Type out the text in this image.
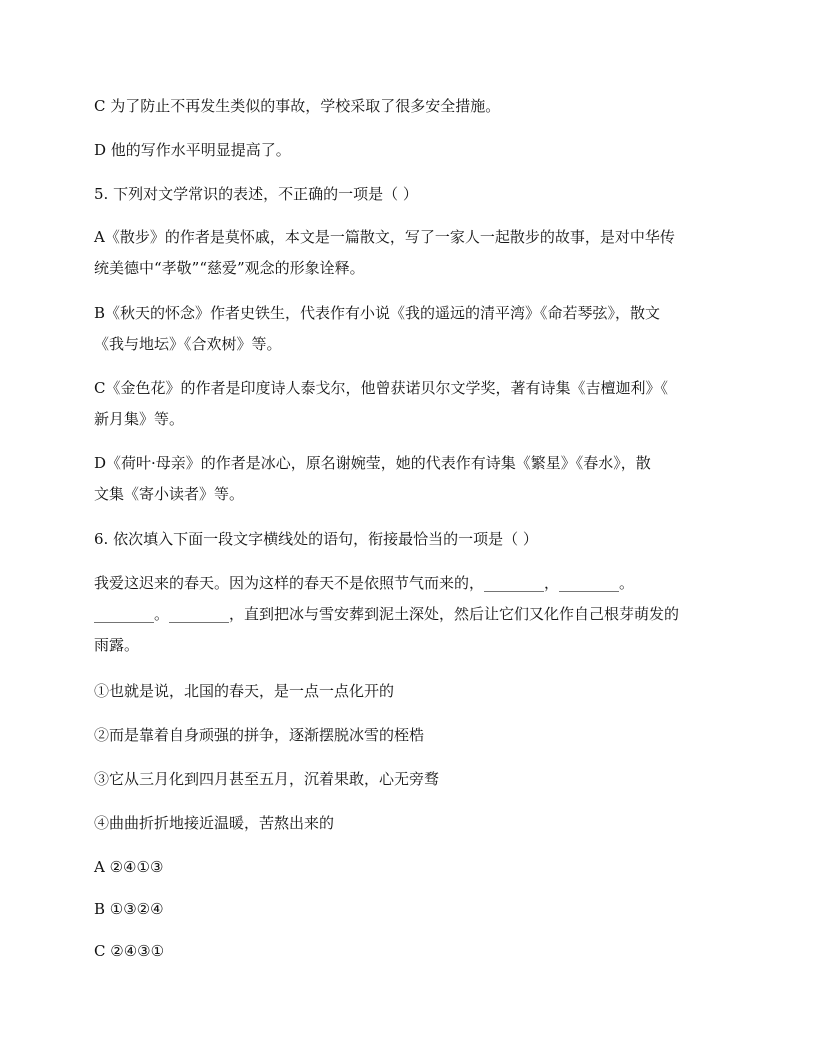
C 为了防止不再发生类似的事故，学校采取了很多安全措施。

D 他的写作水平明显提高了。

5. 下列对文学常识的表述，不正确的一项是（ ）

A《散步》的作者是莫怀戚，本文是一篇散文，写了一家人一起散步的故事，是对中华传
统美德中“孝敬”“慈爱”观念的形象诠释。

B《秋天的怀念》作者史铁生，代表作有小说《我的遥远的清平湾》《命若琴弦》，散文
《我与地坛》《合欢树》等。

C《金色花》的作者是印度诗人泰戈尔，他曾获诺贝尔文学奖，著有诗集《吉檀迦利》《
新月集》等。

D《荷叶·母亲》的作者是冰心，原名谢婉莹，她的代表作有诗集《繁星》《春水》，散
文集《寄小读者》等。

6. 依次填入下面一段文字横线处的语句，衔接最恰当的一项是（ ）

我爱这迟来的春天。因为这样的春天不是依照节气而来的，________，________。
________。________，直到把冰与雪安葬到泥土深处，然后让它们又化作自己根芽萌发的
雨露。

①也就是说，北国的春天，是一点一点化开的

②而是靠着自身顽强的拼争，逐渐摆脱冰雪的桎梏

③它从三月化到四月甚至五月，沉着果敢，心无旁骛

④曲曲折折地接近温暖，苦熬出来的

A ②④①③

B ①③②④

C ②④③①
